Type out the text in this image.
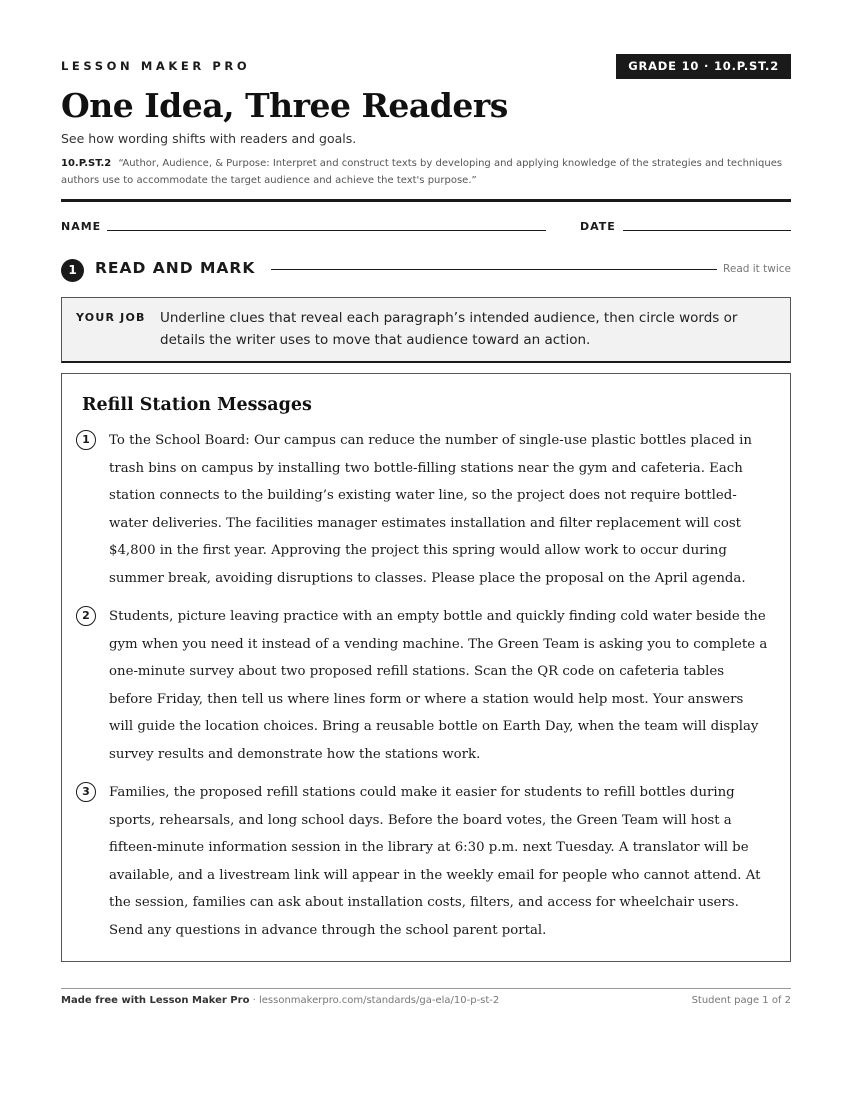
LESSON MAKER PRO	GRADE 10 · 10.P.ST.2
One Idea, Three Readers
See how wording shifts with readers and goals.
10.P.ST.2 “Author, Audience, & Purpose: Interpret and construct texts by developing and applying knowledge of the strategies and techniques authors use to accommodate the target audience and achieve the text's purpose.”
NAME	DATE
1	READ AND MARK	Read it twice
YOUR JOB Underline clues that reveal each paragraph’s intended audience, then circle words or details the writer uses to move that audience toward an action.
Refill Station Messages
1	To the School Board: Our campus can reduce the number of single-use plastic bottles placed in trash bins on campus by installing two bottle-filling stations near the gym and cafeteria. Each station connects to the building’s existing water line, so the project does not require bottled-water deliveries. The facilities manager estimates installation and filter replacement will cost $4,800 in the first year. Approving the project this spring would allow work to occur during summer break, avoiding disruptions to classes. Please place the proposal on the April agenda.

2	Students, picture leaving practice with an empty bottle and quickly finding cold water beside the gym when you need it instead of a vending machine. The Green Team is asking you to complete a one-minute survey about two proposed refill stations. Scan the QR code on cafeteria tables before Friday, then tell us where lines form or where a station would help most. Your answers will guide the location choices. Bring a reusable bottle on Earth Day, when the team will display survey results and demonstrate how the stations work.

3	Families, the proposed refill stations could make it easier for students to refill bottles during sports, rehearsals, and long school days. Before the board votes, the Green Team will host a fifteen-minute information session in the library at 6:30 p.m. next Tuesday. A translator will be available, and a livestream link will appear in the weekly email for people who cannot attend. At the session, families can ask about installation costs, filters, and access for wheelchair users. Send any questions in advance through the school parent portal.

Made free with Lesson Maker Pro · lessonmakerpro.com/standards/ga-ela/10-p-st-2	Student page 1 of 2
